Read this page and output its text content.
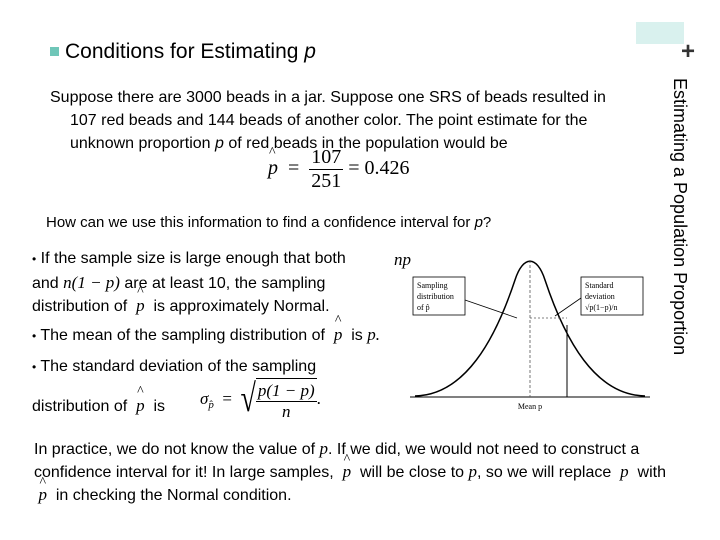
+
Conditions for Estimating p
Estimating a Population Proportion

Suppose there are 3000 beads in a jar. Suppose one SRS of beads resulted in 107 red beads and 144 beads of another color. The point estimate for the unknown proportion p of red beads in the population would be

^ $p = \frac{107}{251} = 0.426$
How can we use this information to find a confidence interval for p?
• If the sample size is large enough that both	np
and n(1 − p) are at least 10, the sampling
distribution of ^ p is approximately Normal.
• The mean of the sampling distribution of ^ p is p.
• The standard deviation of the sampling
distribution of ^ p is $\sigma_{p̂}$  =  √ $\frac{p(1 - p)}{n}$ .
Sampling
distribution
of p̂
Standard
deviation
√p(1−p)/n
Mean p
In practice, we do not know the value of p. If we did, we would not need to construct a confidence interval for it! In large samples, ^ p will be close to p, so we will replace p with  ^ p in checking the Normal condition.
